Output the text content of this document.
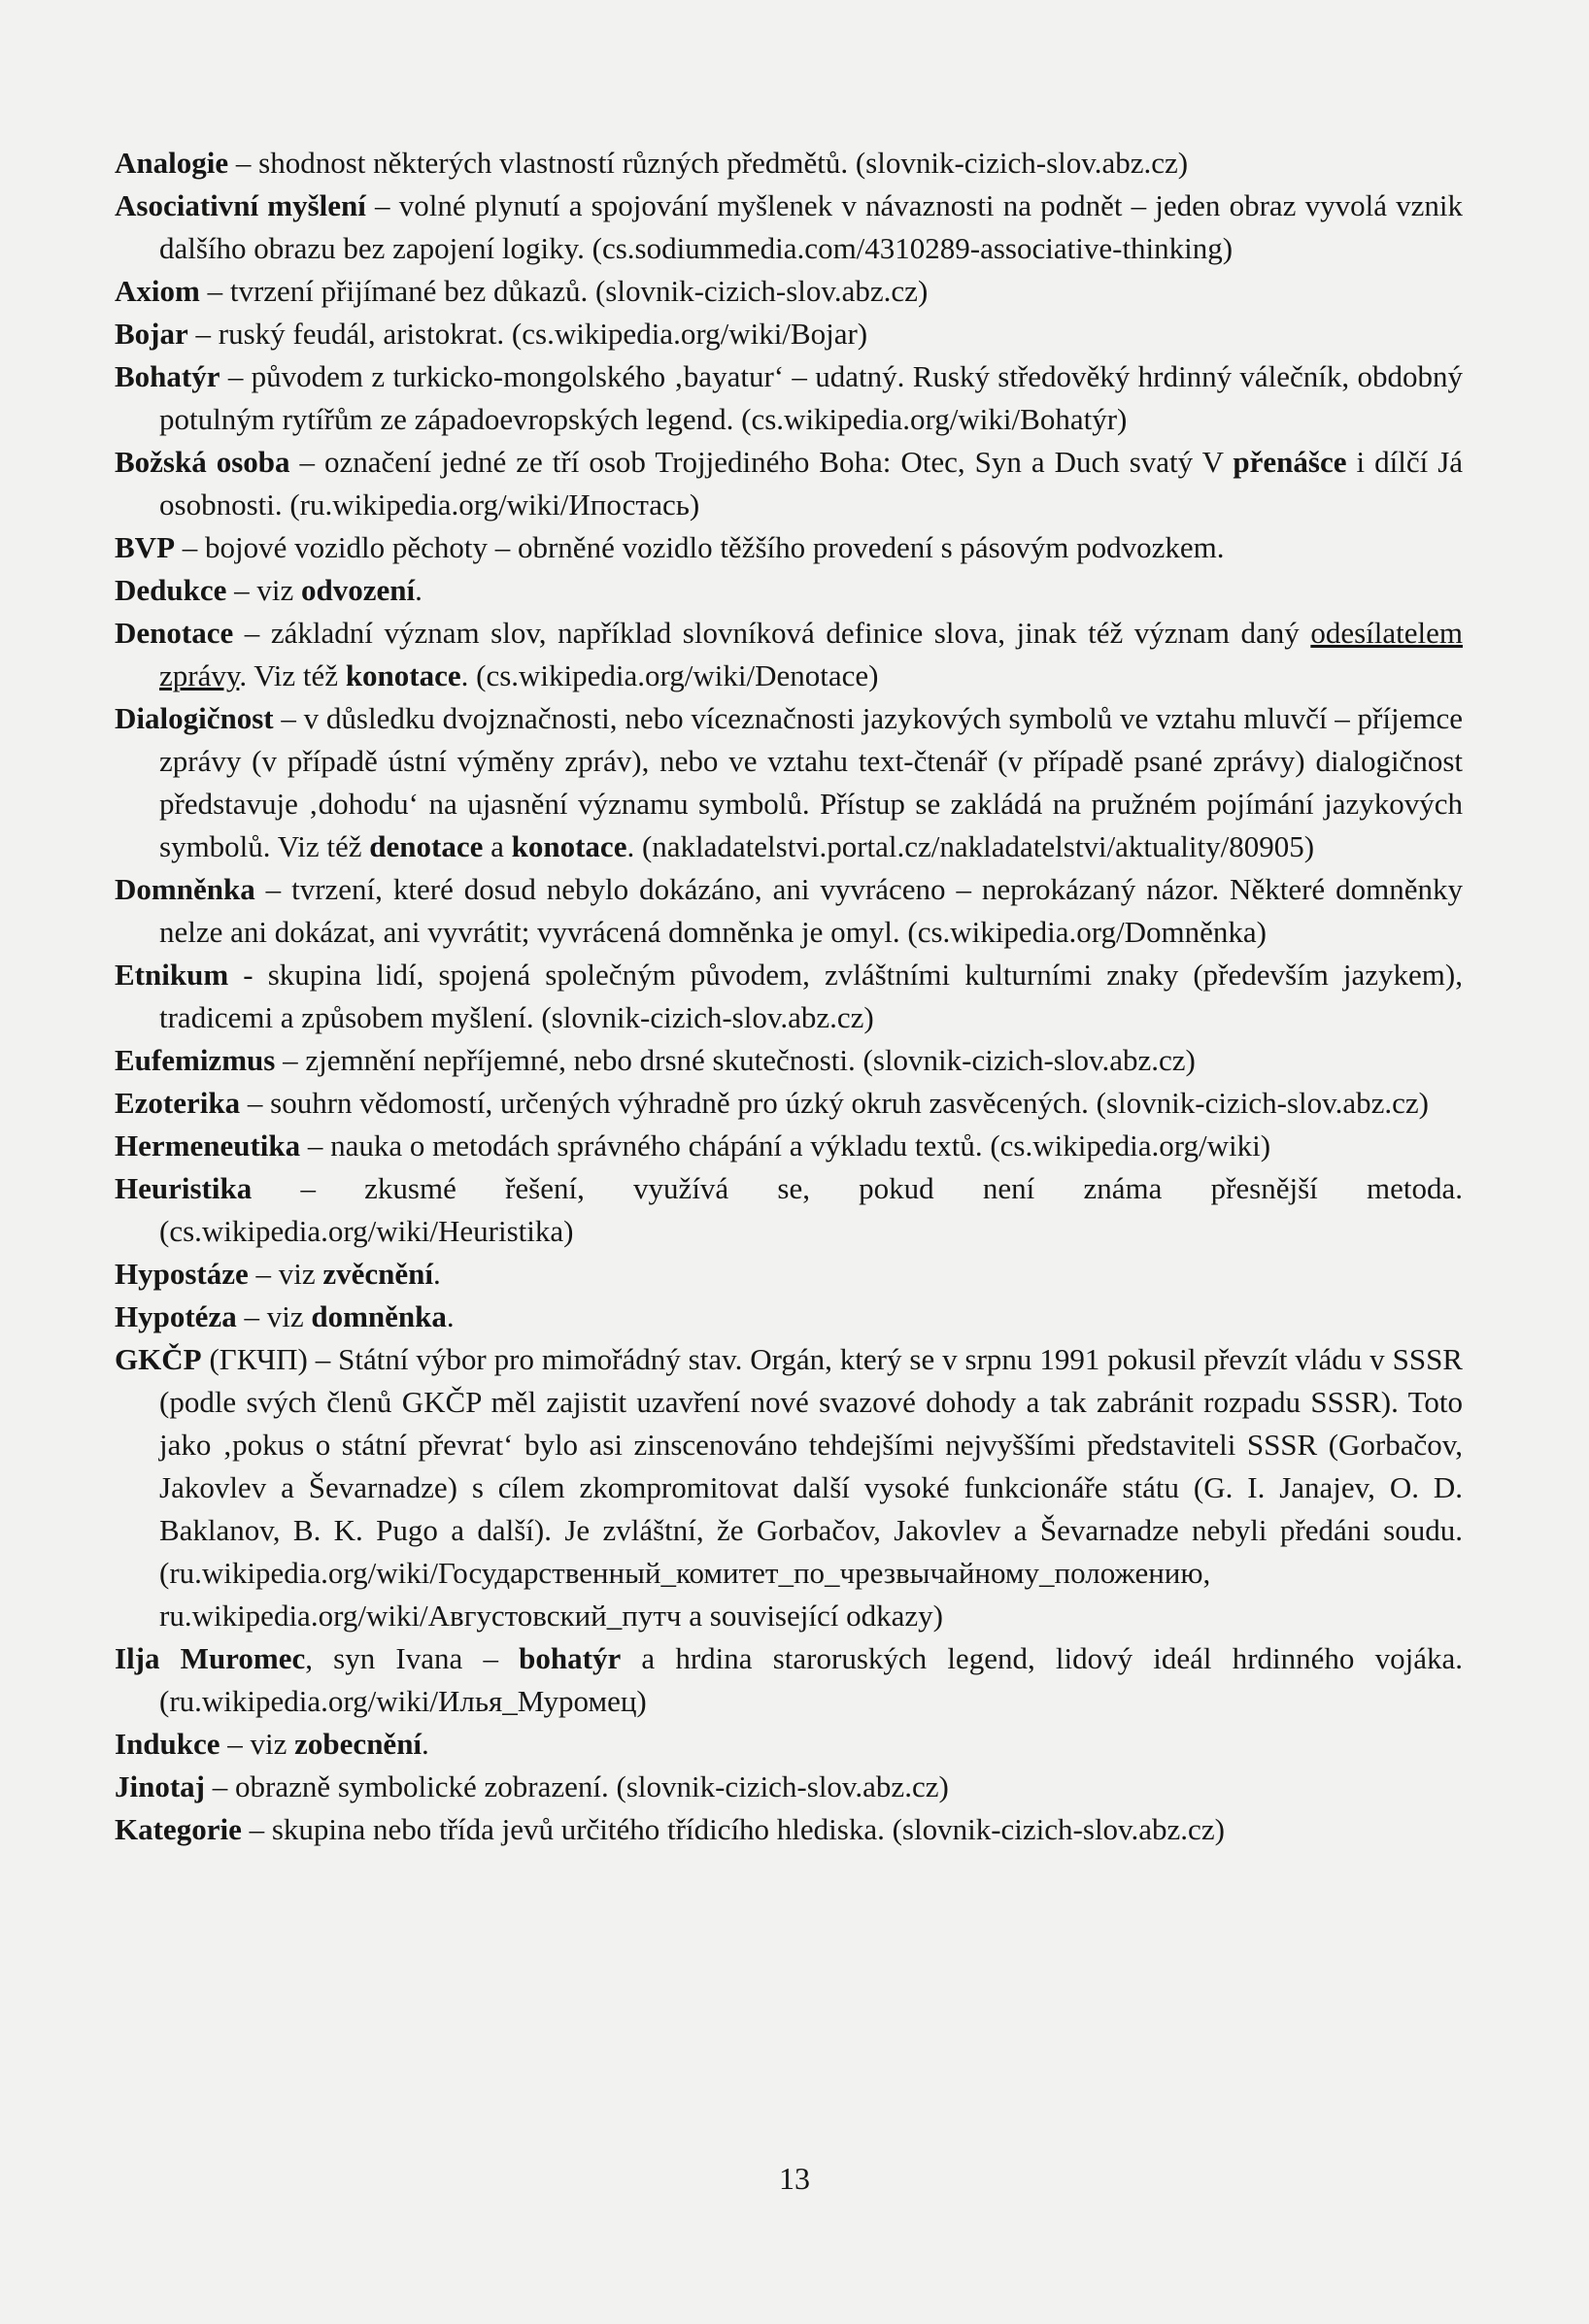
Analogie – shodnost některých vlastností různých předmětů. (slovnik-cizich-slov.abz.cz)

Asociativní myšlení – volné plynutí a spojování myšlenek v návaznosti na podnět – jeden obraz vyvolá vznik dalšího obrazu bez zapojení logiky. (cs.sodiummedia.com/4310289-associative-thinking)

Axiom – tvrzení přijímané bez důkazů. (slovnik-cizich-slov.abz.cz)

Bojar – ruský feudál, aristokrat. (cs.wikipedia.org/wiki/Bojar)

Bohatýr – původem z turkicko-mongolského ‚bayatur‘ – udatný. Ruský středověký hrdinný válečník, obdobný potulným rytířům ze západoevropských legend. (cs.wikipedia.org/wiki/Bohatýr)

Božská osoba – označení jedné ze tří osob Trojjediného Boha: Otec, Syn a Duch svatý V přenášce i dílčí Já osobnosti. (ru.wikipedia.org/wiki/Ипостась)

BVP – bojové vozidlo pěchoty – obrněné vozidlo těžšího provedení s pásovým podvozkem.

Dedukce – viz odvození.

Denotace – základní význam slov, například slovníková definice slova, jinak též význam daný odesílatelem zprávy. Viz též konotace. (cs.wikipedia.org/wiki/Denotace)

Dialogičnost – v důsledku dvojznačnosti, nebo víceznačnosti jazykových symbolů ve vztahu mluvčí – příjemce zprávy (v případě ústní výměny zpráv), nebo ve vztahu text-čtenář (v případě psané zprávy) dialogičnost představuje ‚dohodu‘ na ujasnění významu symbolů. Přístup se zakládá na pružném pojímání jazykových symbolů. Viz též denotace a konotace. (nakladatelstvi.portal.cz/nakladatelstvi/aktuality/80905)

Domněnka – tvrzení, které dosud nebylo dokázáno, ani vyvráceno – neprokázaný názor. Některé domněnky nelze ani dokázat, ani vyvrátit; vyvrácená domněnka je omyl. (cs.wikipedia.org/Domněnka)

Etnikum - skupina lidí, spojená společným původem, zvláštními kulturními znaky (především jazykem), tradicemi a způsobem myšlení. (slovnik-cizich-slov.abz.cz)

Eufemizmus – zjemnění nepříjemné, nebo drsné skutečnosti. (slovnik-cizich-slov.abz.cz)

Ezoterika – souhrn vědomostí, určených výhradně pro úzký okruh zasvěcených. (slovnik-cizich-slov.abz.cz)

Hermeneutika – nauka o metodách správného chápání a výkladu textů. (cs.wikipedia.org/wiki)

Heuristika – zkusmé řešení, využívá se, pokud není známa přesnější metoda. (cs.wikipedia.org/wiki/Heuristika)

Hypostáze – viz zvěcnění.

Hypotéza – viz domněnka.

GKČP (ГКЧП) – Státní výbor pro mimořádný stav. Orgán, který se v srpnu 1991 pokusil převzít vládu v SSSR (podle svých členů GKČP měl zajistit uzavření nové svazové dohody a tak zabránit rozpadu SSSR). Toto jako ‚pokus o státní převrat‘ bylo asi zinscenováno tehdejšími nejvyššími představiteli SSSR (Gorbačov, Jakovlev a Ševarnadze) s cílem zkompromitovat další vysoké funkcionáře státu (G. I. Janajev, O. D. Baklanov, B. K. Pugo a další). Je zvláštní, že Gorbačov, Jakovlev a Ševarnadze nebyli předáni soudu. (ru.wikipedia.org/wiki/Государственный_комитет_по_чрезвычайному_положению, ru.wikipedia.org/wiki/Августовский_путч a související odkazy)

Ilja Muromec, syn Ivana – bohatýr a hrdina staroruských legend, lidový ideál hrdinného vojáka. (ru.wikipedia.org/wiki/Илья_Муромец)

Indukce – viz zobecnění.

Jinotaj – obrazně symbolické zobrazení. (slovnik-cizich-slov.abz.cz)

Kategorie – skupina nebo třída jevů určitého třídicího hlediska. (slovnik-cizich-slov.abz.cz)

13
